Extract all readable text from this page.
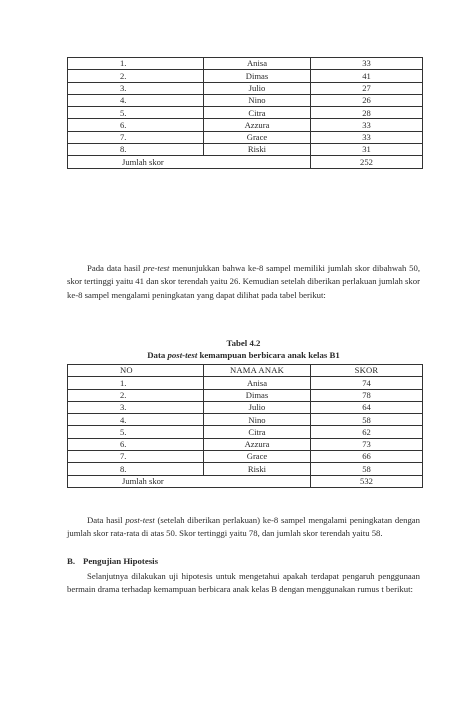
1.	Anisa	33
2.	Dimas	41
3.	Julio	27
4.	Nino	26
5.	Citra	28
6.	Azzura	33
7.	Grace	33
8.	Riski	31
Jumlah skor		252

Pada data hasil pre-test menunjukkan bahwa ke-8 sampel memiliki jumlah skor dibahwah 50, skor tertinggi yaitu 41 dan skor terendah yaitu 26. Kemudian setelah diberikan perlakuan jumlah skor ke-8 sampel mengalami peningkatan yang dapat dilihat pada tabel berikut:

Tabel 4.2

Data post-test kemampuan berbicara anak kelas B1

NO	NAMA ANAK	SKOR
1.	Anisa	74
2.	Dimas	78
3.	Julio	64
4.	Nino	58
5.	Citra	62
6.	Azzura	73
7.	Grace	66
8.	Riski	58
Jumlah skor		532

Data hasil post-test (setelah diberikan perlakuan) ke-8 sampel mengalami peningkatan dengan jumlah skor rata-rata di atas 50. Skor tertinggi yaitu 78, dan jumlah skor terendah yaitu 58.

B. Pengujian Hipotesis

Selanjutnya dilakukan uji hipotesis untuk mengetahui apakah terdapat pengaruh penggunaan bermain drama terhadap kemampuan berbicara anak kelas B dengan menggunakan rumus t berikut:
